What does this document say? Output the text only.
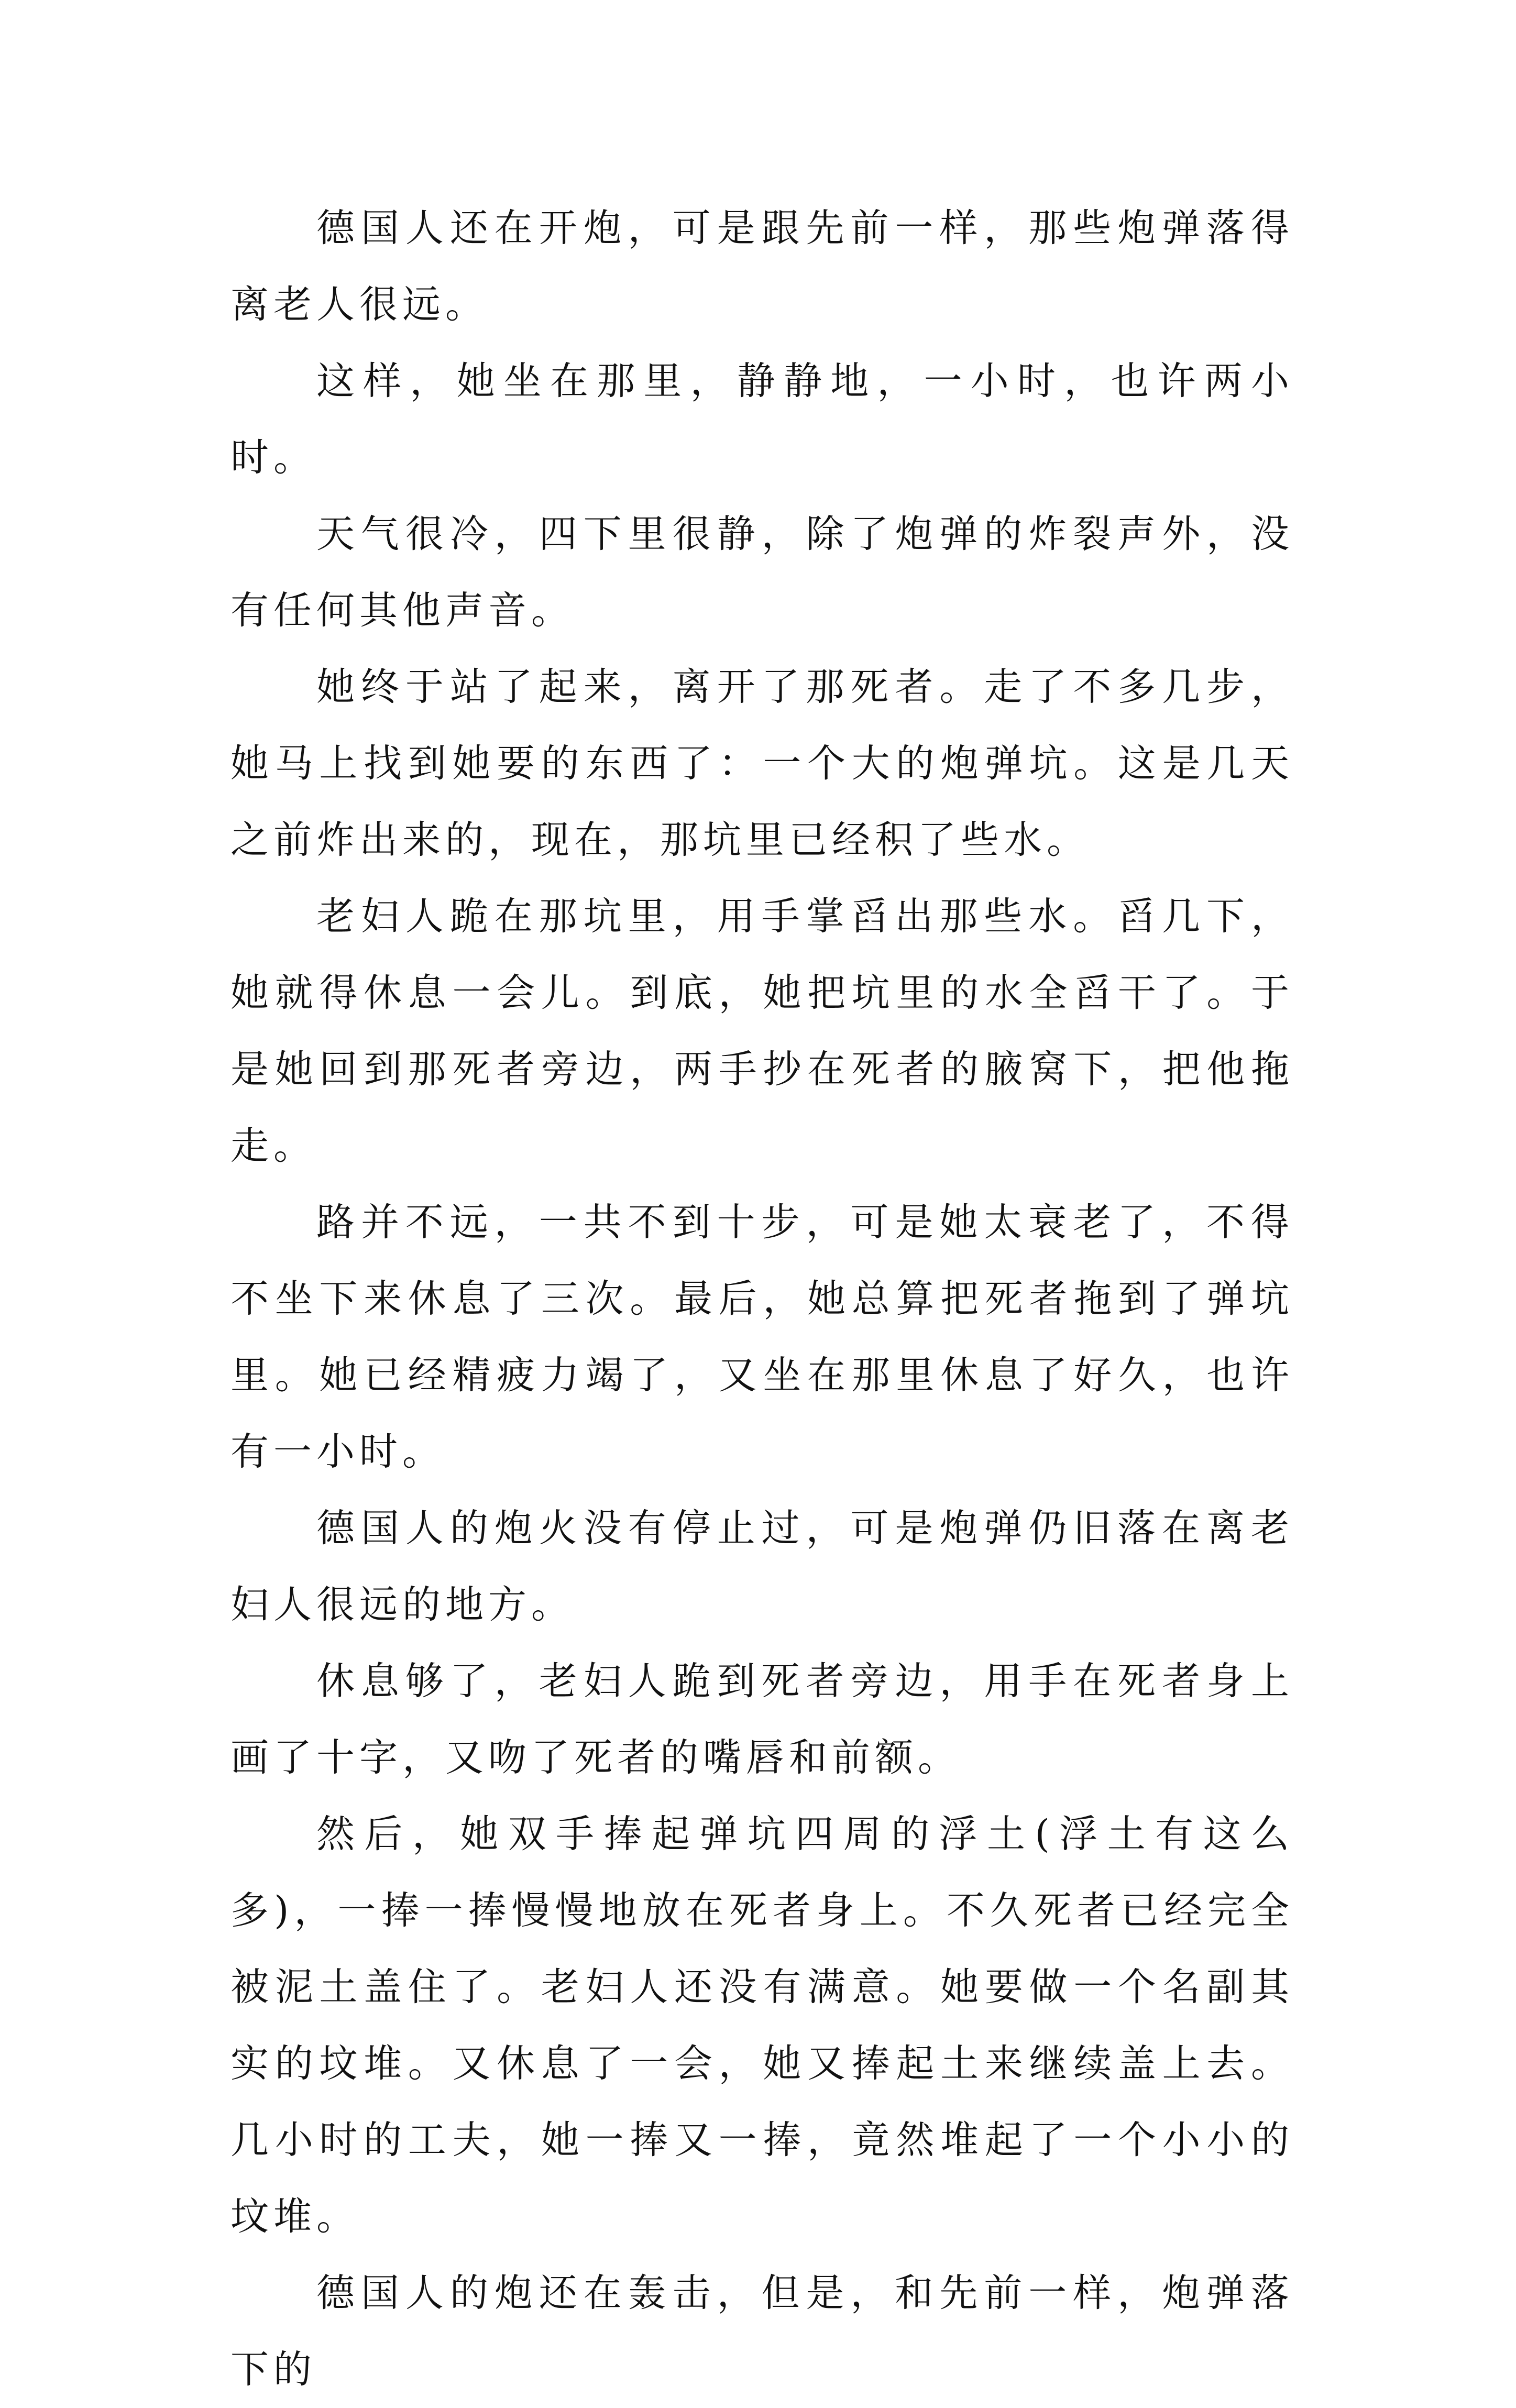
德国人还在开炮，可是跟先前一样，那些炮弹落得离老人很远。

这样，她坐在那里，静静地，一小时，也许两小时。

天气很冷，四下里很静，除了炮弹的炸裂声外，没有任何其他声音。

她终于站了起来，离开了那死者。走了不多几步，她马上找到她要的东西了：一个大的炮弹坑。这是几天之前炸出来的，现在，那坑里已经积了些水。

老妇人跪在那坑里，用手掌舀出那些水。舀几下，她就得休息一会儿。到底，她把坑里的水全舀干了。于是她回到那死者旁边，两手抄在死者的腋窝下，把他拖走。

路并不远，一共不到十步，可是她太衰老了，不得不坐下来休息了三次。最后，她总算把死者拖到了弹坑里。她已经精疲力竭了，又坐在那里休息了好久，也许有一小时。

德国人的炮火没有停止过，可是炮弹仍旧落在离老妇人很远的地方。

休息够了，老妇人跪到死者旁边，用手在死者身上画了十字，又吻了死者的嘴唇和前额。

然后，她双手捧起弹坑四周的浮土(浮土有这么多)，一捧一捧慢慢地放在死者身上。不久死者已经完全被泥土盖住了。老妇人还没有满意。她要做一个名副其实的坟堆。又休息了一会，她又捧起土来继续盖上去。几小时的工夫，她一捧又一捧，竟然堆起了一个小小的坟堆。

德国人的炮还在轰击，但是，和先前一样，炮弹落下的
